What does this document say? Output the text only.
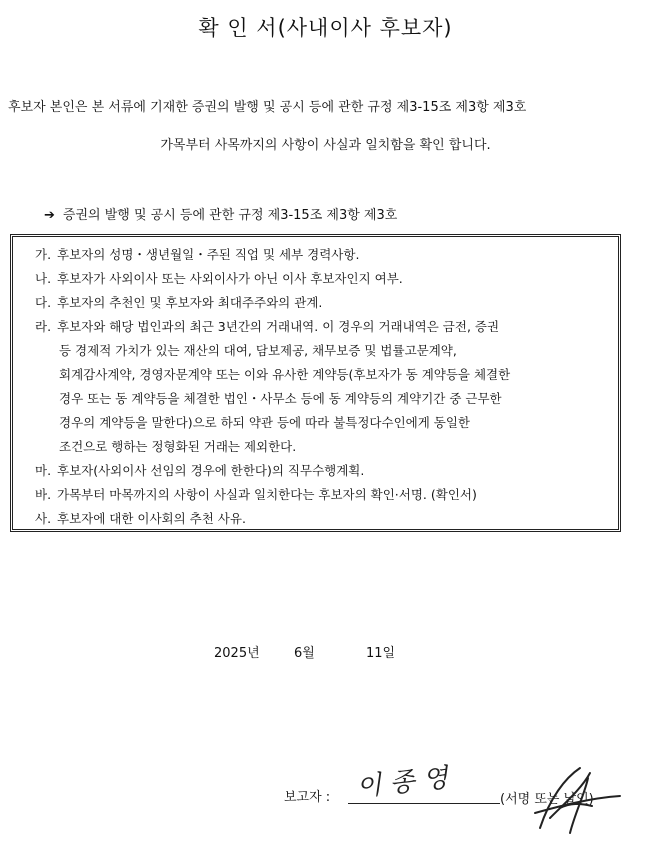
확 인 서(사내이사 후보자)
후보자 본인은 본 서류에 기재한 증권의 발행 및 공시 등에 관한 규정 제3-15조 제3항 제3호
가목부터 사목까지의 사항이 사실과 일치함을 확인 합니다.
➔ 증권의 발행 및 공시 등에 관한 규정 제3-15조 제3항 제3호
가. 후보자의 성명・생년월일・주된 직업 및 세부 경력사항.
나. 후보자가 사외이사 또는 사외이사가 아닌 이사 후보자인지 여부.
다. 후보자의 추천인 및 후보자와 최대주주와의 관계.
라. 후보자와 해당 법인과의 최근 3년간의 거래내역. 이 경우의 거래내역은 금전, 증권
등 경제적 가치가 있는 재산의 대여, 담보제공, 채무보증 및 법률고문계약,
회계감사계약, 경영자문계약 또는 이와 유사한 계약등(후보자가 동 계약등을 체결한
경우 또는 동 계약등을 체결한 법인・사무소 등에 동 계약등의 계약기간 중 근무한
경우의 계약등을 말한다)으로 하되 약관 등에 따라 불특정다수인에게 동일한
조건으로 행하는 정형화된 거래는 제외한다.
마. 후보자(사외이사 선임의 경우에 한한다)의 직무수행계획.
바. 가목부터 마목까지의 사항이 사실과 일치한다는 후보자의 확인·서명. (확인서)
사. 후보자에 대한 이사회의 추천 사유.
2025년	6월	11일
보고자 : 이 종 영	(서명 또는 날인)
